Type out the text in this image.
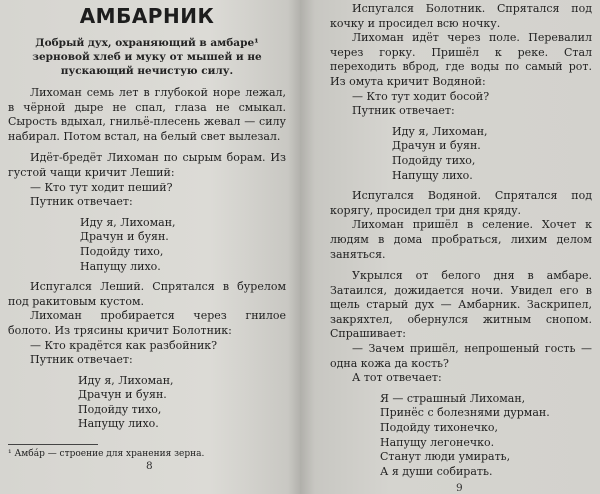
АМБАРНИК
Добрый дух, охраняющий в амбаре¹ зерновой хлеб и муку от мышей и не пускающий нечистую силу.

Лихоман семь лет в глубокой норе лежал, в чёрной дыре не спал, глаза не смыкал. Сырость вдыхал, гнильё-плесень жевал — силу набирал. Потом встал, на белый свет вылезал.

Идёт-бредёт Лихоман по сырым борам. Из густой чащи кричит Леший:

— Кто тут ходит пеший?

Путник отвечает:

Иду я, Лихоман,
Драчун и буян.
Подойду тихо,
Напущу лихо.

Испугался Леший. Спрятался в бурелом под ракитовым кустом.

Лихоман пробирается через гнилое болото. Из трясины кричит Болотник:

— Кто крадётся как разбойник?

Путник отвечает:

Иду я, Лихоман,
Драчун и буян.
Подойду тихо,
Напущу лихо.
¹ Амбáр — строение для хранения зерна.
8

Испугался Болотник. Спрятался под кочку и просидел всю ночку.

Лихоман идёт через поле. Перевалил через горку. Пришёл к реке. Стал переходить вброд, где воды по самый рот. Из омута кричит Водяной:

— Кто тут ходит босой?

Путник отвечает:

Иду я, Лихоман,
Драчун и буян.
Подойду тихо,
Напущу лихо.

Испугался Водяной. Спрятался под корягу, просидел три дня кряду.

Лихоман пришёл в селение. Хочет к людям в дома пробраться, лихим делом заняться.

Укрылся от белого дня в амбаре. Затаился, дожидается ночи. Увидел его в щель старый дух — Амбарник. Заскрипел, закряхтел, обернулся житным снопом. Спрашивает:

— Зачем пришёл, непрошеный гость — одна кожа да кость?

А тот отвечает:

Я — страшный Лихоман,
Принёс с болезнями дурман.
Подойду тихонечко,
Напущу легонечко.
Станут люди умирать,
А я души собирать.
9
